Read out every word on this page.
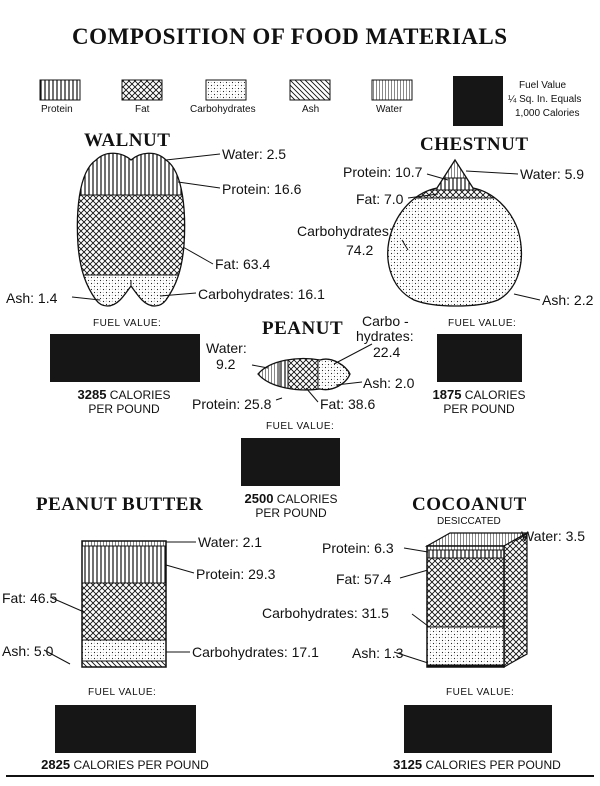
COMPOSITION OF FOOD MATERIALS
Protein	Fat	Carbohydrates	Ash	Water
Fuel Value
¼ Sq. In. Equals
1,000 Calories
WALNUT
Water: 2.5
Protein: 16.6
Fat: 63.4
Carbohydrates: 16.1
Ash: 1.4
FUEL VALUE:
3285 CALORIES
PER POUND
CHESTNUT
Protein: 10.7	Water: 5.9
Fat: 7.0
Carbohydrates:
74.2
Ash: 2.2
FUEL VALUE:
1875 CALORIES
PER POUND
PEANUT
Water:
9.2
Carbo -
hydrates:
22.4
Ash: 2.0
Protein: 25.8	Fat: 38.6
FUEL VALUE:
2500 CALORIES
PER POUND
PEANUT BUTTER
Water: 2.1
Protein: 29.3
Fat: 46.5
Ash: 5.0	Carbohydrates: 17.1
FUEL VALUE:
2825 CALORIES PER POUND
COCOANUT
DESICCATED
Protein: 6.3
Water: 3.5
Fat: 57.4
Carbohydrates: 31.5
Ash: 1.3
FUEL VALUE:
3125 CALORIES PER POUND
